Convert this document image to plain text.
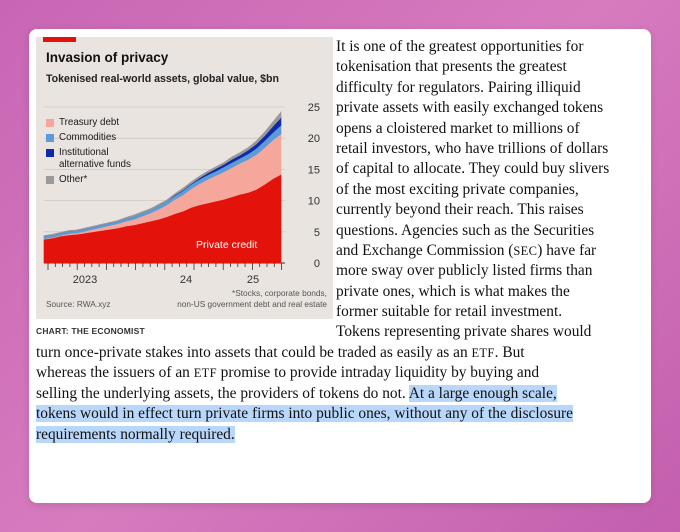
Invasion of privacy
Tokenised real-world assets, global value, $bn
25
20
15
10
5
0
2023	24	25
Private credit
Treasury debt
Commodities
Institutional
alternative funds
Other*
Source: RWA.xyz
*Stocks, corporate bonds,
non-US government debt and real estate
CHART: THE ECONOMIST
It is one of the greatest opportunities for
tokenisation that presents the greatest
difficulty for regulators. Pairing illiquid
private assets with easily exchanged tokens
opens a cloistered market to millions of
retail investors, who have trillions of dollars
of capital to allocate. They could buy slivers
of the most exciting private companies,
currently beyond their reach. This raises
questions. Agencies such as the Securities
and Exchange Commission (SEC) have far
more sway over publicly listed firms than
private ones, which is what makes the
former suitable for retail investment.
Tokens representing private shares would
turn once-private stakes into assets that could be traded as easily as an ETF. But
whereas the issuers of an ETF promise to provide intraday liquidity by buying and
selling the underlying assets, the providers of tokens do not. At a large enough scale,
tokens would in effect turn private firms into public ones, without any of the disclosure
requirements normally required.
